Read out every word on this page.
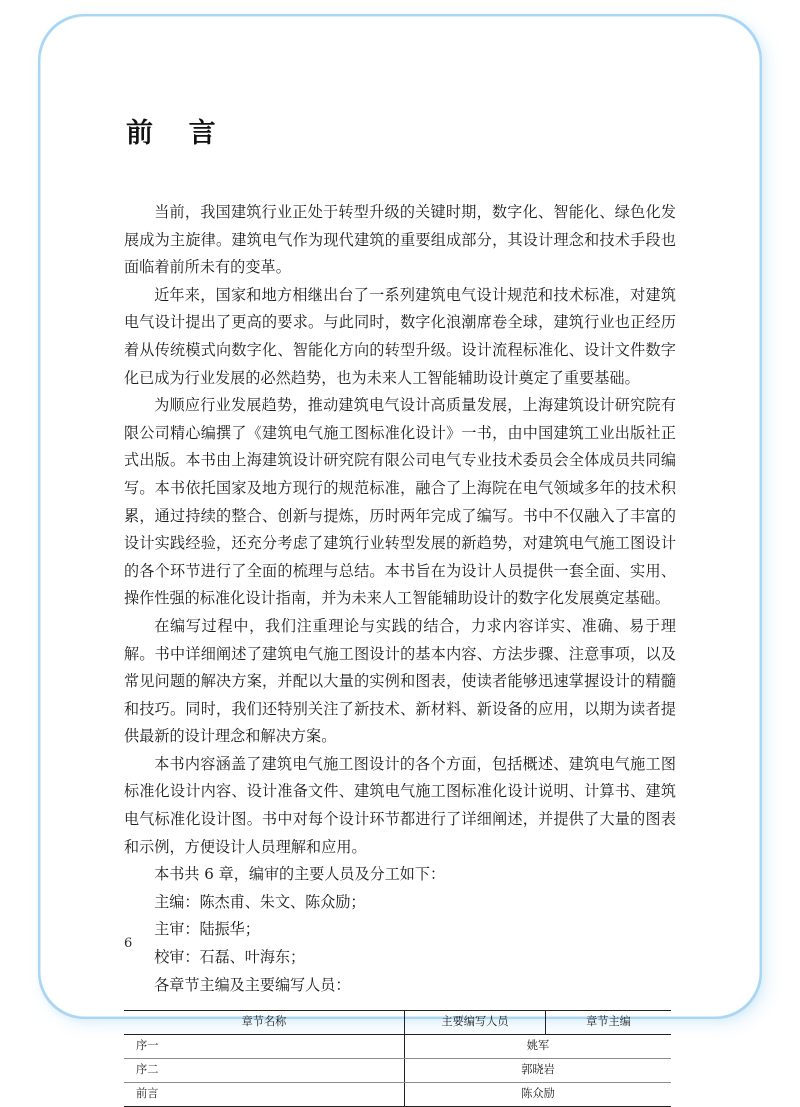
前　言

当前，我国建筑行业正处于转型升级的关键时期，数字化、智能化、绿色化发展成为主旋律。建筑电气作为现代建筑的重要组成部分，其设计理念和技术手段也面临着前所未有的变革。

近年来，国家和地方相继出台了一系列建筑电气设计规范和技术标准，对建筑电气设计提出了更高的要求。与此同时，数字化浪潮席卷全球，建筑行业也正经历着从传统模式向数字化、智能化方向的转型升级。设计流程标准化、设计文件数字化已成为行业发展的必然趋势，也为未来人工智能辅助设计奠定了重要基础。

为顺应行业发展趋势，推动建筑电气设计高质量发展，上海建筑设计研究院有限公司精心编撰了《建筑电气施工图标准化设计》一书，由中国建筑工业出版社正式出版。本书由上海建筑设计研究院有限公司电气专业技术委员会全体成员共同编写。本书依托国家及地方现行的规范标准，融合了上海院在电气领域多年的技术积累，通过持续的整合、创新与提炼，历时两年完成了编写。书中不仅融入了丰富的设计实践经验，还充分考虑了建筑行业转型发展的新趋势，对建筑电气施工图设计的各个环节进行了全面的梳理与总结。本书旨在为设计人员提供一套全面、实用、操作性强的标准化设计指南，并为未来人工智能辅助设计的数字化发展奠定基础。

在编写过程中，我们注重理论与实践的结合，力求内容详实、准确、易于理解。书中详细阐述了建筑电气施工图设计的基本内容、方法步骤、注意事项，以及常见问题的解决方案，并配以大量的实例和图表，使读者能够迅速掌握设计的精髓和技巧。同时，我们还特别关注了新技术、新材料、新设备的应用，以期为读者提供最新的设计理念和解决方案。

本书内容涵盖了建筑电气施工图设计的各个方面，包括概述、建筑电气施工图标准化设计内容、设计准备文件、建筑电气施工图标准化设计说明、计算书、建筑电气标准化设计图。书中对每个设计环节都进行了详细阐述，并提供了大量的图表和示例，方便设计人员理解和应用。

本书共 6 章，编审的主要人员及分工如下：

主编：陈杰甫、朱文、陈众励；

主审：陆振华；

校审：石磊、叶海东；

各章节主编及主要编写人员：

章节名称	主要编写人员	章节主编
序一	姚军	
序二	郭晓岩	
前言	陈众励	
6
